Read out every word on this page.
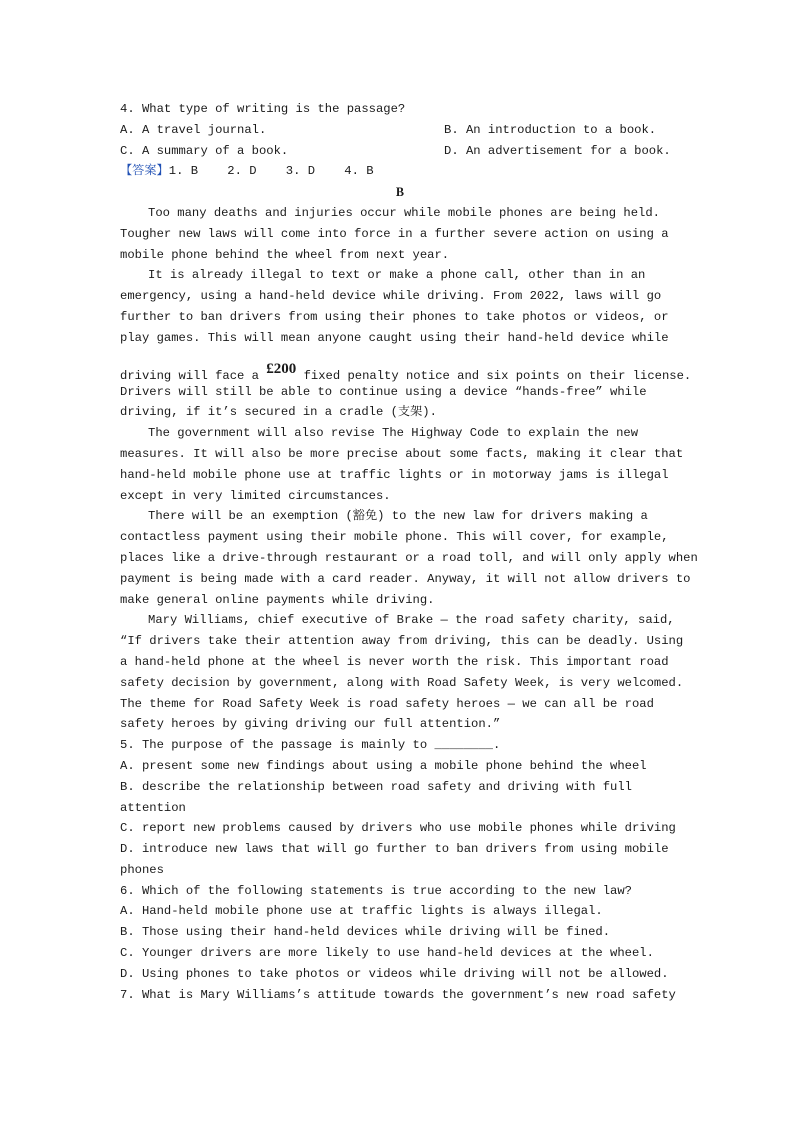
4. What type of writing is the passage?
A. A travel journal.	B. An introduction to a book.
C. A summary of a book.	D. An advertisement for a book.
【答案】1. B    2. D    3. D    4. B
B
Too many deaths and injuries occur while mobile phones are being held.
Tougher new laws will come into force in a further severe action on using a
mobile phone behind the wheel from next year.
It is already illegal to text or make a phone call, other than in an
emergency, using a hand-held device while driving. From 2022, laws will go
further to ban drivers from using their phones to take photos or videos, or
play games. This will mean anyone caught using their hand-held device while
driving will face a £200 fixed penalty notice and six points on their license.
Drivers will still be able to continue using a device “hands-free” while
driving, if it’s secured in a cradle (支架).
The government will also revise The Highway Code to explain the new
measures. It will also be more precise about some facts, making it clear that
hand-held mobile phone use at traffic lights or in motorway jams is illegal
except in very limited circumstances.
There will be an exemption (豁免) to the new law for drivers making a
contactless payment using their mobile phone. This will cover, for example,
places like a drive-through restaurant or a road toll, and will only apply when
payment is being made with a card reader. Anyway, it will not allow drivers to
make general online payments while driving.
Mary Williams, chief executive of Brake — the road safety charity, said,
“If drivers take their attention away from driving, this can be deadly. Using
a hand-held phone at the wheel is never worth the risk. This important road
safety decision by government, along with Road Safety Week, is very welcomed.
The theme for Road Safety Week is road safety heroes — we can all be road
safety heroes by giving driving our full attention.”
5. The purpose of the passage is mainly to ________.
A. present some new findings about using a mobile phone behind the wheel
B. describe the relationship between road safety and driving with full
attention
C. report new problems caused by drivers who use mobile phones while driving
D. introduce new laws that will go further to ban drivers from using mobile
phones
6. Which of the following statements is true according to the new law?
A. Hand-held mobile phone use at traffic lights is always illegal.
B. Those using their hand-held devices while driving will be fined.
C. Younger drivers are more likely to use hand-held devices at the wheel.
D. Using phones to take photos or videos while driving will not be allowed.
7. What is Mary Williams’s attitude towards the government’s new road safety
